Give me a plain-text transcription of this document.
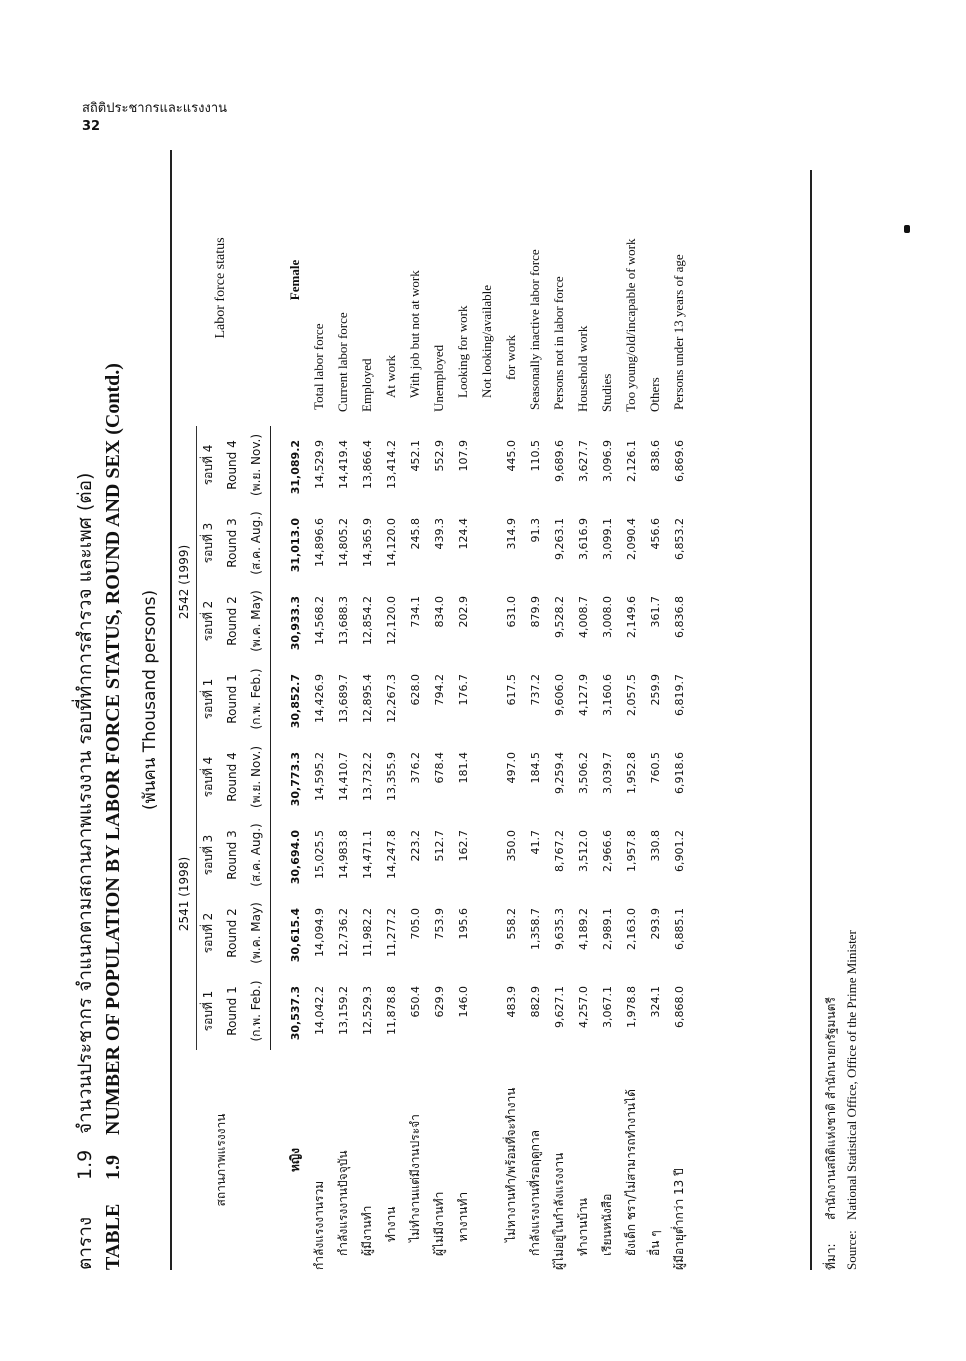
สถิติประชากรและแรงงาน
32
ตาราง1.9 จำนวนประชากร จำแนกตามสถานภาพแรงงาน รอบที่ทำการสำรวจ และเพศ (ต่อ)
TABLE1.9 NUMBER OF POPULATION BY LABOR FORCE STATUS, ROUND AND SEX (Contd.) (พันคน Thousand persons)
สถานภาพแรงงาน	2541 (1998)				2542 (1999)				Labor force status
	รอบที่ 1	รอบที่ 2	รอบที่ 3	รอบที่ 4	รอบที่ 1	รอบที่ 2	รอบที่ 3	รอบที่ 4	
	Round 1	Round 2	Round 3	Round 4	Round 1	Round 2	Round 3	Round 4	
	(ก.พ. Feb.)	(พ.ค. May)	(ส.ค. Aug.)	(พ.ย. Nov.)	(ก.พ. Feb.)	(พ.ค. May)	(ส.ค. Aug.)	(พ.ย. Nov.)	

หญิง	30,537.3	30,615.4	30,694.0	30,773.3	30,852.7	30,933.3	31,013.0	31,089.2	Female
กำลังแรงงานรวม	14,042.2	14,094.9	15,025.5	14,595.2	14,426.9	14,568.2	14,896.6	14,529.9	Total labor force
กำลังแรงงานปัจจุบัน	13,159.2	12,736.2	14,983.8	14,410.7	13,689.7	13,688.3	14,805.2	14,419.4	Current labor force
ผู้มีงานทำ	12,529.3	11,982.2	14,471.1	13,732.2	12,895.4	12,854.2	14,365.9	13,866.4	Employed
ทำงาน	11,878.8	11,277.2	14,247.8	13,355.9	12,267.3	12,120.0	14,120.0	13,414.2	At work
ไม่ทำงานแต่มีงานประจำ	650.4	705.0	223.2	376.2	628.0	734.1	245.8	452.1	With job but not at work
ผู้ไม่มีงานทำ	629.9	753.9	512.7	678.4	794.2	834.0	439.3	552.9	Unemployed
หางานทำ	146.0	195.6	162.7	181.4	176.7	202.9	124.4	107.9	Looking for work
									Not looking/available
ไม่หางานทำ/พร้อมที่จะทำงาน	483.9	558.2	350.0	497.0	617.5	631.0	314.9	445.0	for work
กำลังแรงงานที่รอฤดูกาล	882.9	1,358.7	41.7	184.5	737.2	879.9	91.3	110.5	Seasonally inactive labor force
ผู้ไม่อยู่ในกำลังแรงงาน	9,627.1	9,635.3	8,767.2	9,259.4	9,606.0	9,528.2	9,263.1	9,689.6	Persons not in labor force
ทำงานบ้าน	4,257.0	4,189.2	3,512.0	3,506.2	4,127.9	4,008.7	3,616.9	3,627.7	Household work
เรียนหนังสือ	3,067.1	2,989.1	2,966.6	3,039.7	3,160.6	3,008.0	3,099.1	3,096.9	Studies
ยังเด็ก ชรา/ไม่สามารถทำงานได้	1,978.8	2,163.0	1,957.8	1,952.8	2,057.5	2,149.6	2,090.4	2,126.1	Too young/old/incapable of work
อื่น ๆ	324.1	293.9	330.8	760.5	259.9	361.7	456.6	838.6	Others
ผู้มีอายุต่ำกว่า 13 ปี	6,868.0	6,885.1	6,901.2	6,918.6	6,819.7	6,836.8	6,853.2	6,869.6	Persons under 13 years of age
ที่มา:สำนักงานสถิติแห่งชาติ สำนักนายกรัฐมนตรี
Source:National Statistical Office, Office of the Prime Minister
